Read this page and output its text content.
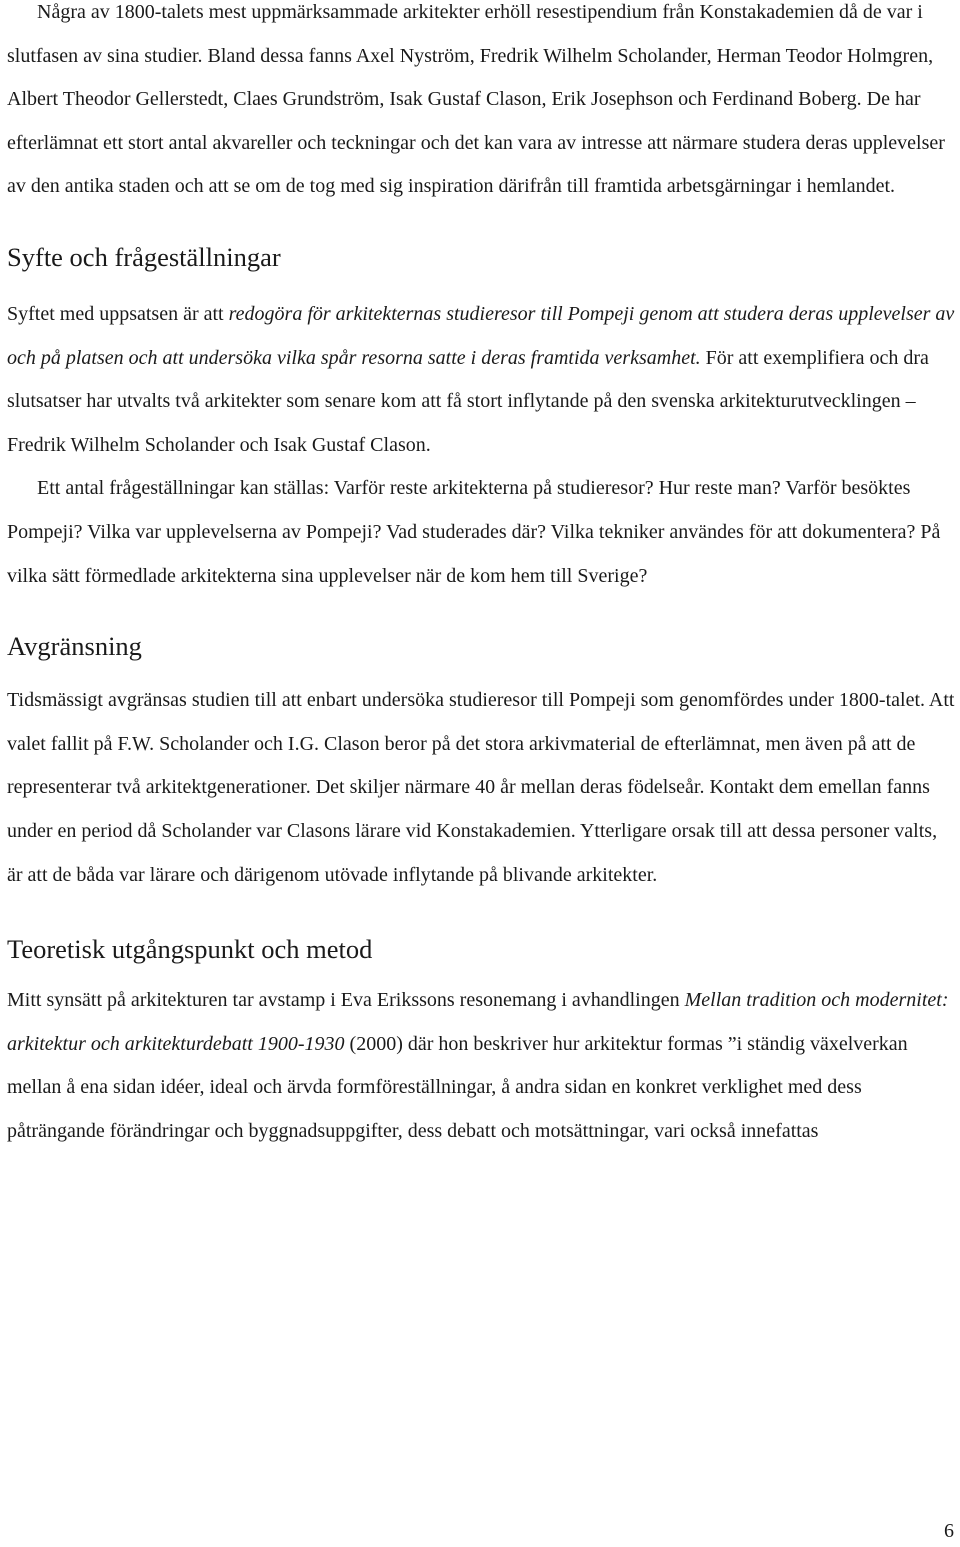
Några av 1800-talets mest uppmärksammade arkitekter erhöll resestipendium från Konstakademien då de var i slutfasen av sina studier. Bland dessa fanns Axel Nyström, Fredrik Wilhelm Scholander, Herman Teodor Holmgren, Albert Theodor Gellerstedt, Claes Grundström, Isak Gustaf Clason, Erik Josephson och Ferdinand Boberg. De har efterlämnat ett stort antal akvareller och teckningar och det kan vara av intresse att närmare studera deras upplevelser av den antika staden och att se om de tog med sig inspiration därifrån till framtida arbetsgärningar i hemlandet.

Syfte och frågeställningar

Syftet med uppsatsen är att redogöra för arkitekternas studieresor till Pompeji genom att studera deras upplevelser av och på platsen och att undersöka vilka spår resorna satte i deras framtida verksamhet. För att exemplifiera och dra slutsatser har utvalts två arkitekter som senare kom att få stort inflytande på den svenska arkitekturutvecklingen – Fredrik Wilhelm Scholander och Isak Gustaf Clason.

Ett antal frågeställningar kan ställas: Varför reste arkitekterna på studieresor? Hur reste man? Varför besöktes Pompeji? Vilka var upplevelserna av Pompeji? Vad studerades där? Vilka tekniker användes för att dokumentera? På vilka sätt förmedlade arkitekterna sina upplevelser när de kom hem till Sverige?

Avgränsning

Tidsmässigt avgränsas studien till att enbart undersöka studieresor till Pompeji som genomfördes under 1800-talet. Att valet fallit på F.W. Scholander och I.G. Clason beror på det stora arkivmaterial de efterlämnat, men även på att de representerar två arkitektgenerationer. Det skiljer närmare 40 år mellan deras födelseår. Kontakt dem emellan fanns under en period då Scholander var Clasons lärare vid Konstakademien. Ytterligare orsak till att dessa personer valts, är att de båda var lärare och därigenom utövade inflytande på blivande arkitekter.

Teoretisk utgångspunkt och metod

Mitt synsätt på arkitekturen tar avstamp i Eva Erikssons resonemang i avhandlingen Mellan tradition och modernitet: arkitektur och arkitekturdebatt 1900-1930 (2000) där hon beskriver hur arkitektur formas ”i ständig växelverkan mellan å ena sidan idéer, ideal och ärvda formföreställningar, å andra sidan en konkret verklighet med dess påträngande förändringar och byggnadsuppgifter, dess debatt och motsättningar, vari också innefattas

6
